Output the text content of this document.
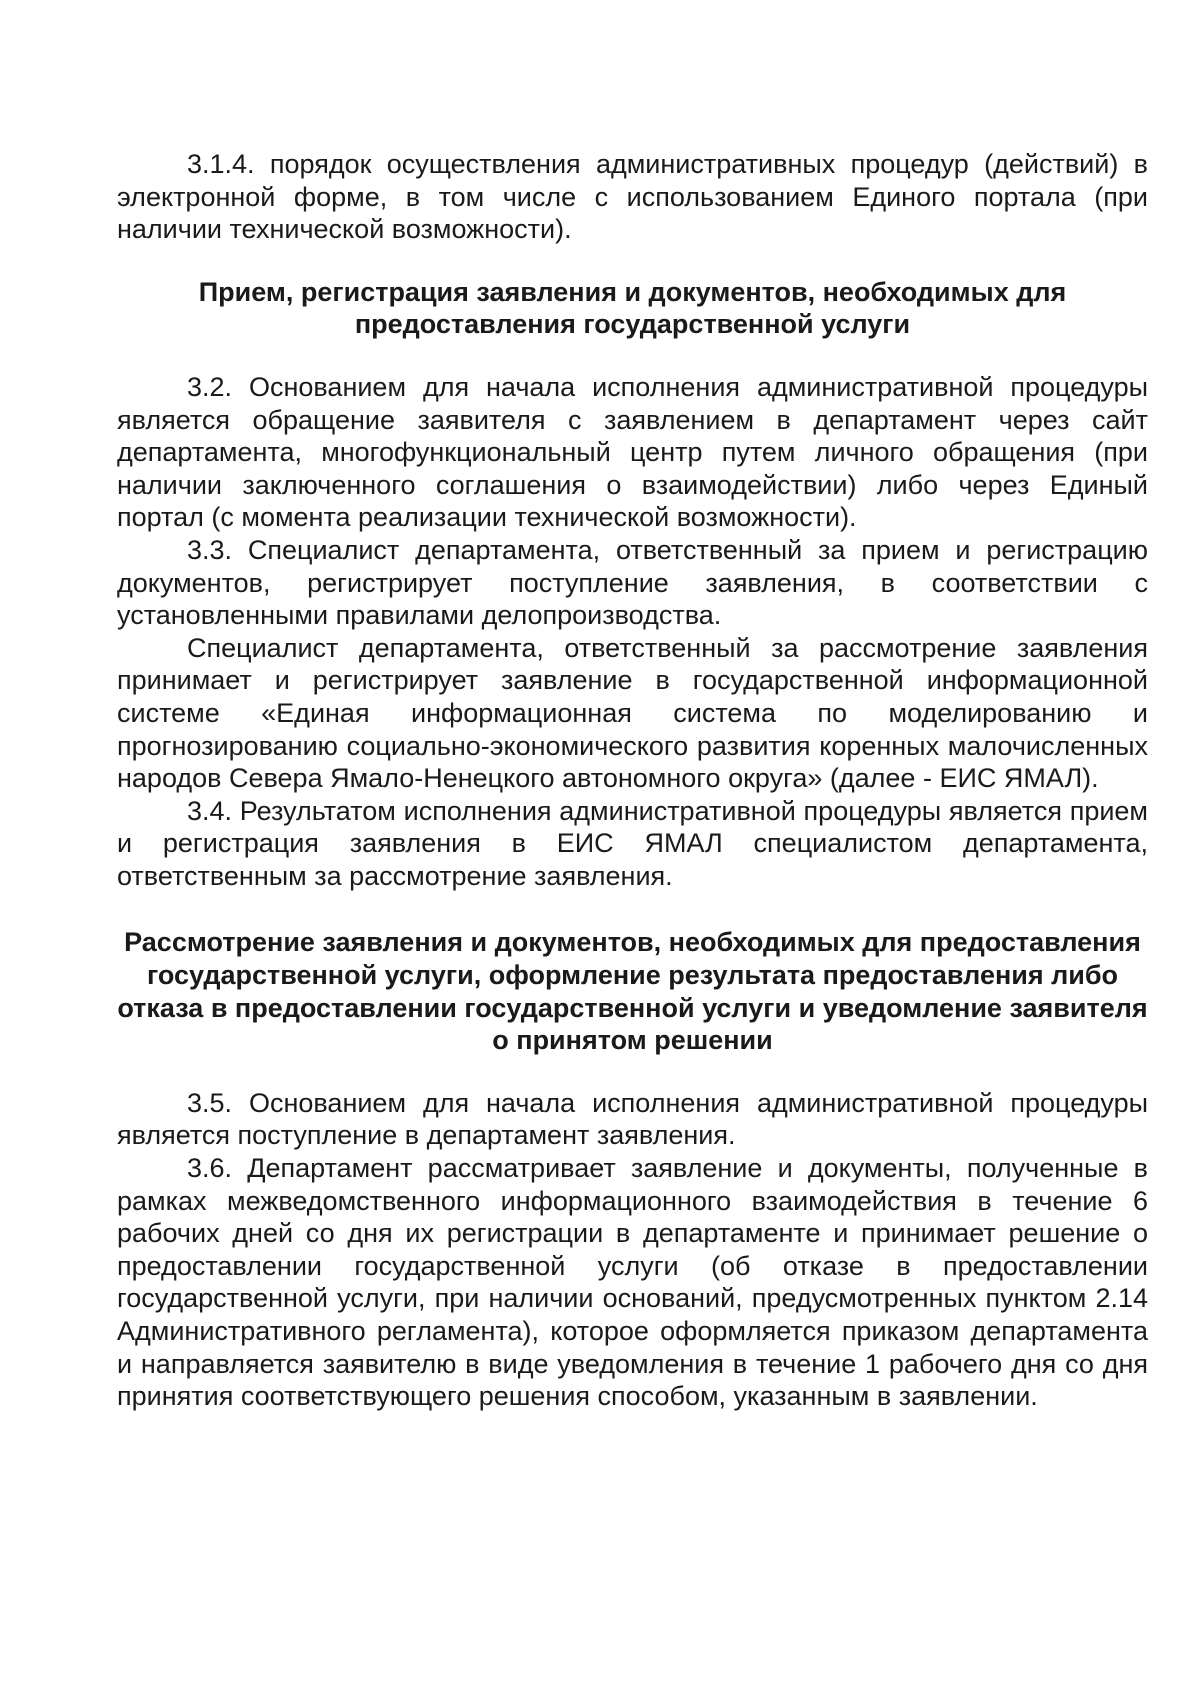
3.1.4. порядок осуществления административных процедур (действий) в электронной форме, в том числе с использованием Единого портала (при наличии технической возможности).

Прием, регистрация заявления и документов, необходимых для предоставления государственной услуги

3.2. Основанием для начала исполнения административной процедуры является обращение заявителя с заявлением в департамент через сайт департамента, многофункциональный центр путем личного обращения (при наличии заключенного соглашения о взаимодействии) либо через Единый портал (с момента реализации технической возможности).

3.3. Специалист департамента, ответственный за прием и регистрацию документов, регистрирует поступление заявления, в соответствии с установленными правилами делопроизводства.

Специалист департамента, ответственный за рассмотрение заявления принимает и регистрирует заявление в государственной информационной системе «Единая информационная система по моделированию и прогнозированию социально-экономического развития коренных малочисленных народов Севера Ямало-Ненецкого автономного округа» (далее - ЕИС ЯМАЛ).

3.4. Результатом исполнения административной процедуры является прием и регистрация заявления в ЕИС ЯМАЛ специалистом департамента, ответственным за рассмотрение заявления.

Рассмотрение заявления и документов, необходимых для предоставления государственной услуги, оформление результата предоставления либо отказа в предоставлении государственной услуги и уведомление заявителя о принятом решении

3.5. Основанием для начала исполнения административной процедуры является поступление в департамент заявления.

3.6. Департамент рассматривает заявление и документы, полученные в рамках межведомственного информационного взаимодействия в течение 6 рабочих дней со дня их регистрации в департаменте и принимает решение о предоставлении государственной услуги (об отказе в предоставлении государственной услуги, при наличии оснований, предусмотренных пунктом 2.14 Административного регламента), которое оформляется приказом департамента и направляется заявителю в виде уведомления в течение 1 рабочего дня со дня принятия соответствующего решения способом, указанным в заявлении.
